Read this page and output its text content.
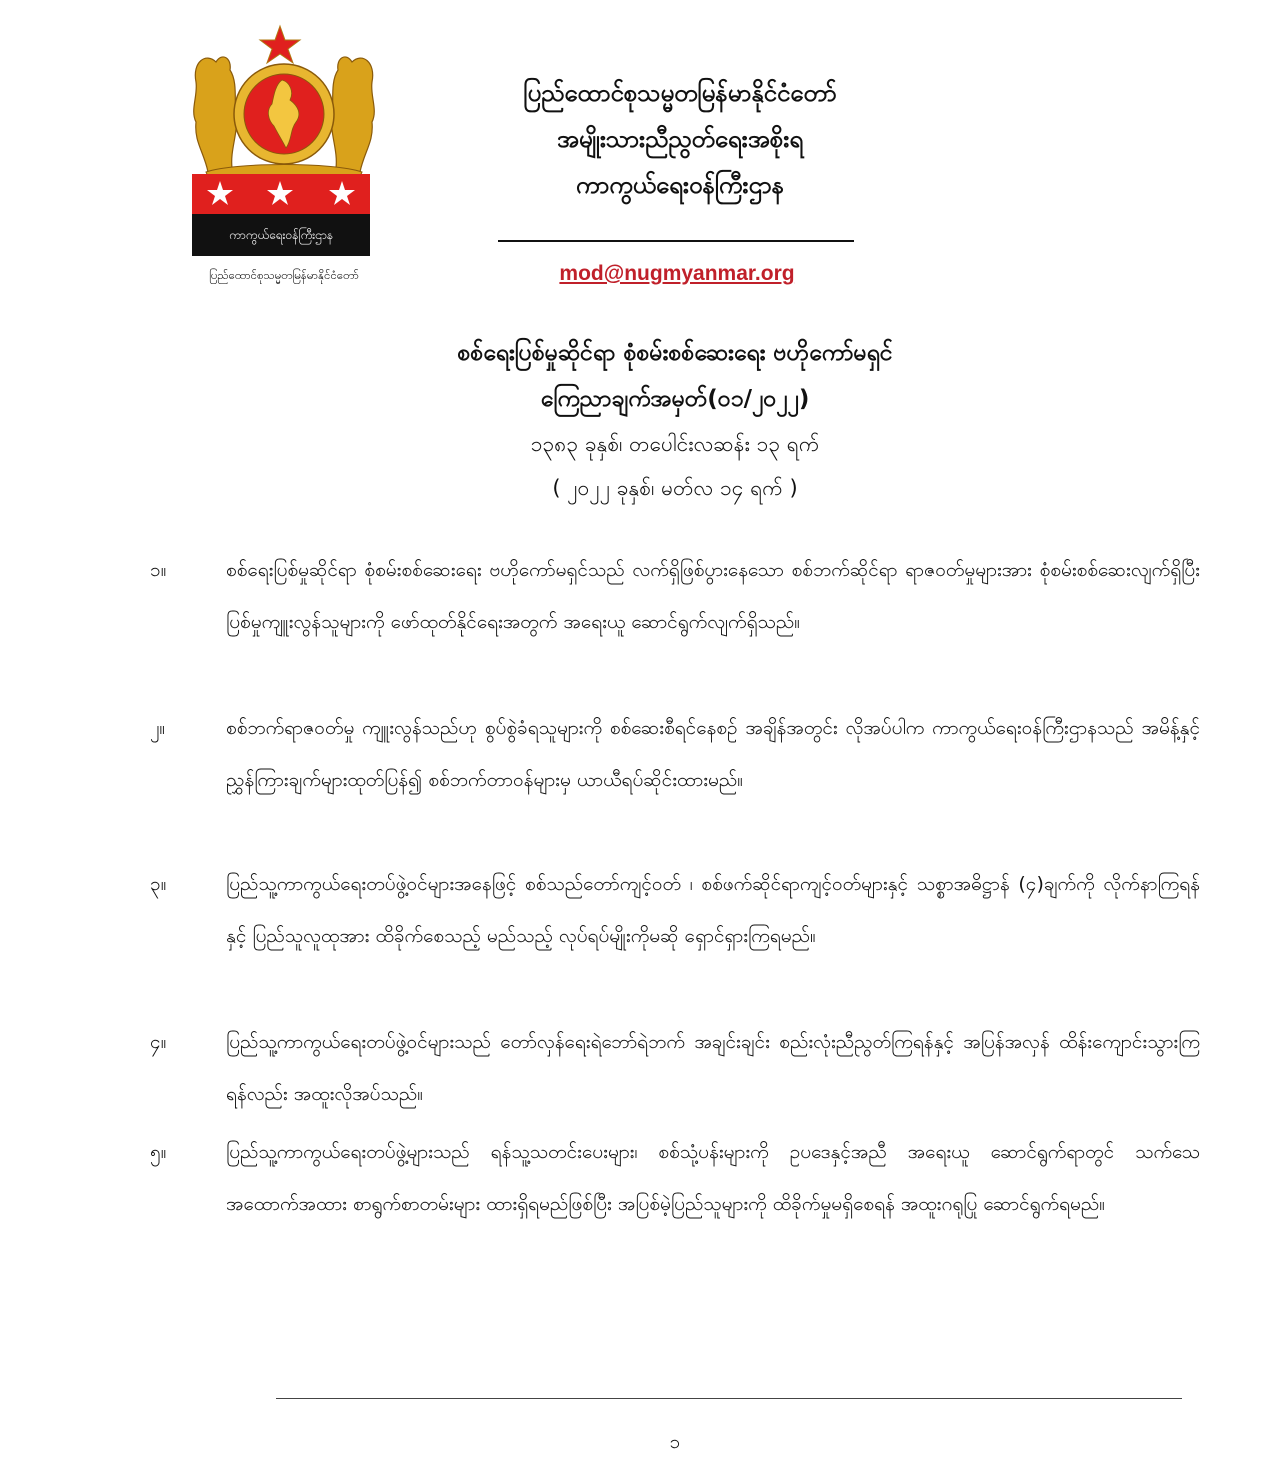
ကာကွယ်ရေးဝန်ကြီးဌာန
ပြည်ထောင်စုသမ္မတမြန်မာနိုင်ငံတော်
ပြည်ထောင်စုသမ္မတမြန်မာနိုင်ငံတော်
အမျိုးသားညီညွတ်ရေးအစိုးရ
ကာကွယ်ရေးဝန်ကြီးဌာန
mod@nugmyanmar.org
စစ်ရေးပြစ်မှုဆိုင်ရာ စုံစမ်းစစ်ဆေးရေး ဗဟိုကော်မရှင်
ကြေညာချက်အမှတ်(၀၁/၂၀၂၂)
၁၃၈၃ ခုနှစ်၊ တပေါင်းလဆန်း ၁၃ ရက်
( ၂၀၂၂ ခုနှစ်၊ မတ်လ ၁၄ ရက် )
၁။	စစ်ရေးပြစ်မှုဆိုင်ရာ စုံစမ်းစစ်ဆေးရေး ဗဟိုကော်မရှင်သည် လက်ရှိဖြစ်ပွားနေသော စစ်ဘက်ဆိုင်ရာ ရာဇဝတ်မှုများအား စုံစမ်းစစ်ဆေးလျက်ရှိပြီး ပြစ်မှုကျူးလွန်သူများကို ဖော်ထုတ်နိုင်ရေးအတွက် အရေးယူ ဆောင်ရွက်လျက်ရှိသည်။
၂။	စစ်ဘက်ရာဇဝတ်မှု ကျူးလွန်သည်ဟု စွပ်စွဲခံရသူများကို စစ်ဆေးစီရင်နေစဉ် အချိန်အတွင်း လိုအပ်ပါက ကာကွယ်ရေးဝန်ကြီးဌာနသည် အမိန့်နှင့်ညွှန်ကြားချက်များထုတ်ပြန်၍ စစ်ဘက်တာဝန်များမှ ယာယီရပ်ဆိုင်းထားမည်။
၃။	ပြည်သူ့ကာကွယ်ရေးတပ်ဖွဲ့ဝင်များအနေဖြင့် စစ်သည်တော်ကျင့်ဝတ် ၊ စစ်ဖက်ဆိုင်ရာကျင့်ဝတ်များနှင့် သစ္စာအဓိဋ္ဌာန် (၄)ချက်ကို လိုက်နာကြရန်နှင့် ပြည်သူလူထုအား ထိခိုက်စေသည့် မည်သည့် လုပ်ရပ်မျိုးကိုမဆို ရှောင်ရှားကြရမည်။
၄။	ပြည်သူ့ကာကွယ်ရေးတပ်ဖွဲ့ဝင်များသည် တော်လှန်ရေးရဲဘော်ရဲဘက် အချင်းချင်း စည်းလုံးညီညွတ်ကြရန်နှင့် အပြန်အလှန် ထိန်းကျောင်းသွားကြရန်လည်း အထူးလိုအပ်သည်။
၅။	ပြည်သူ့ကာကွယ်ရေးတပ်ဖွဲ့များသည် ရန်သူ့သတင်းပေးများ၊ စစ်သုံ့ပန်းများကို ဥပဒေနှင့်အညီ အရေးယူ ဆောင်ရွက်ရာတွင် သက်သေအထောက်အထား စာရွက်စာတမ်းများ ထားရှိရမည်ဖြစ်ပြီး အပြစ်မဲ့ပြည်သူများကို ထိခိုက်မှုမရှိစေရန် အထူးဂရုပြု ဆောင်ရွက်ရမည်။
၁
